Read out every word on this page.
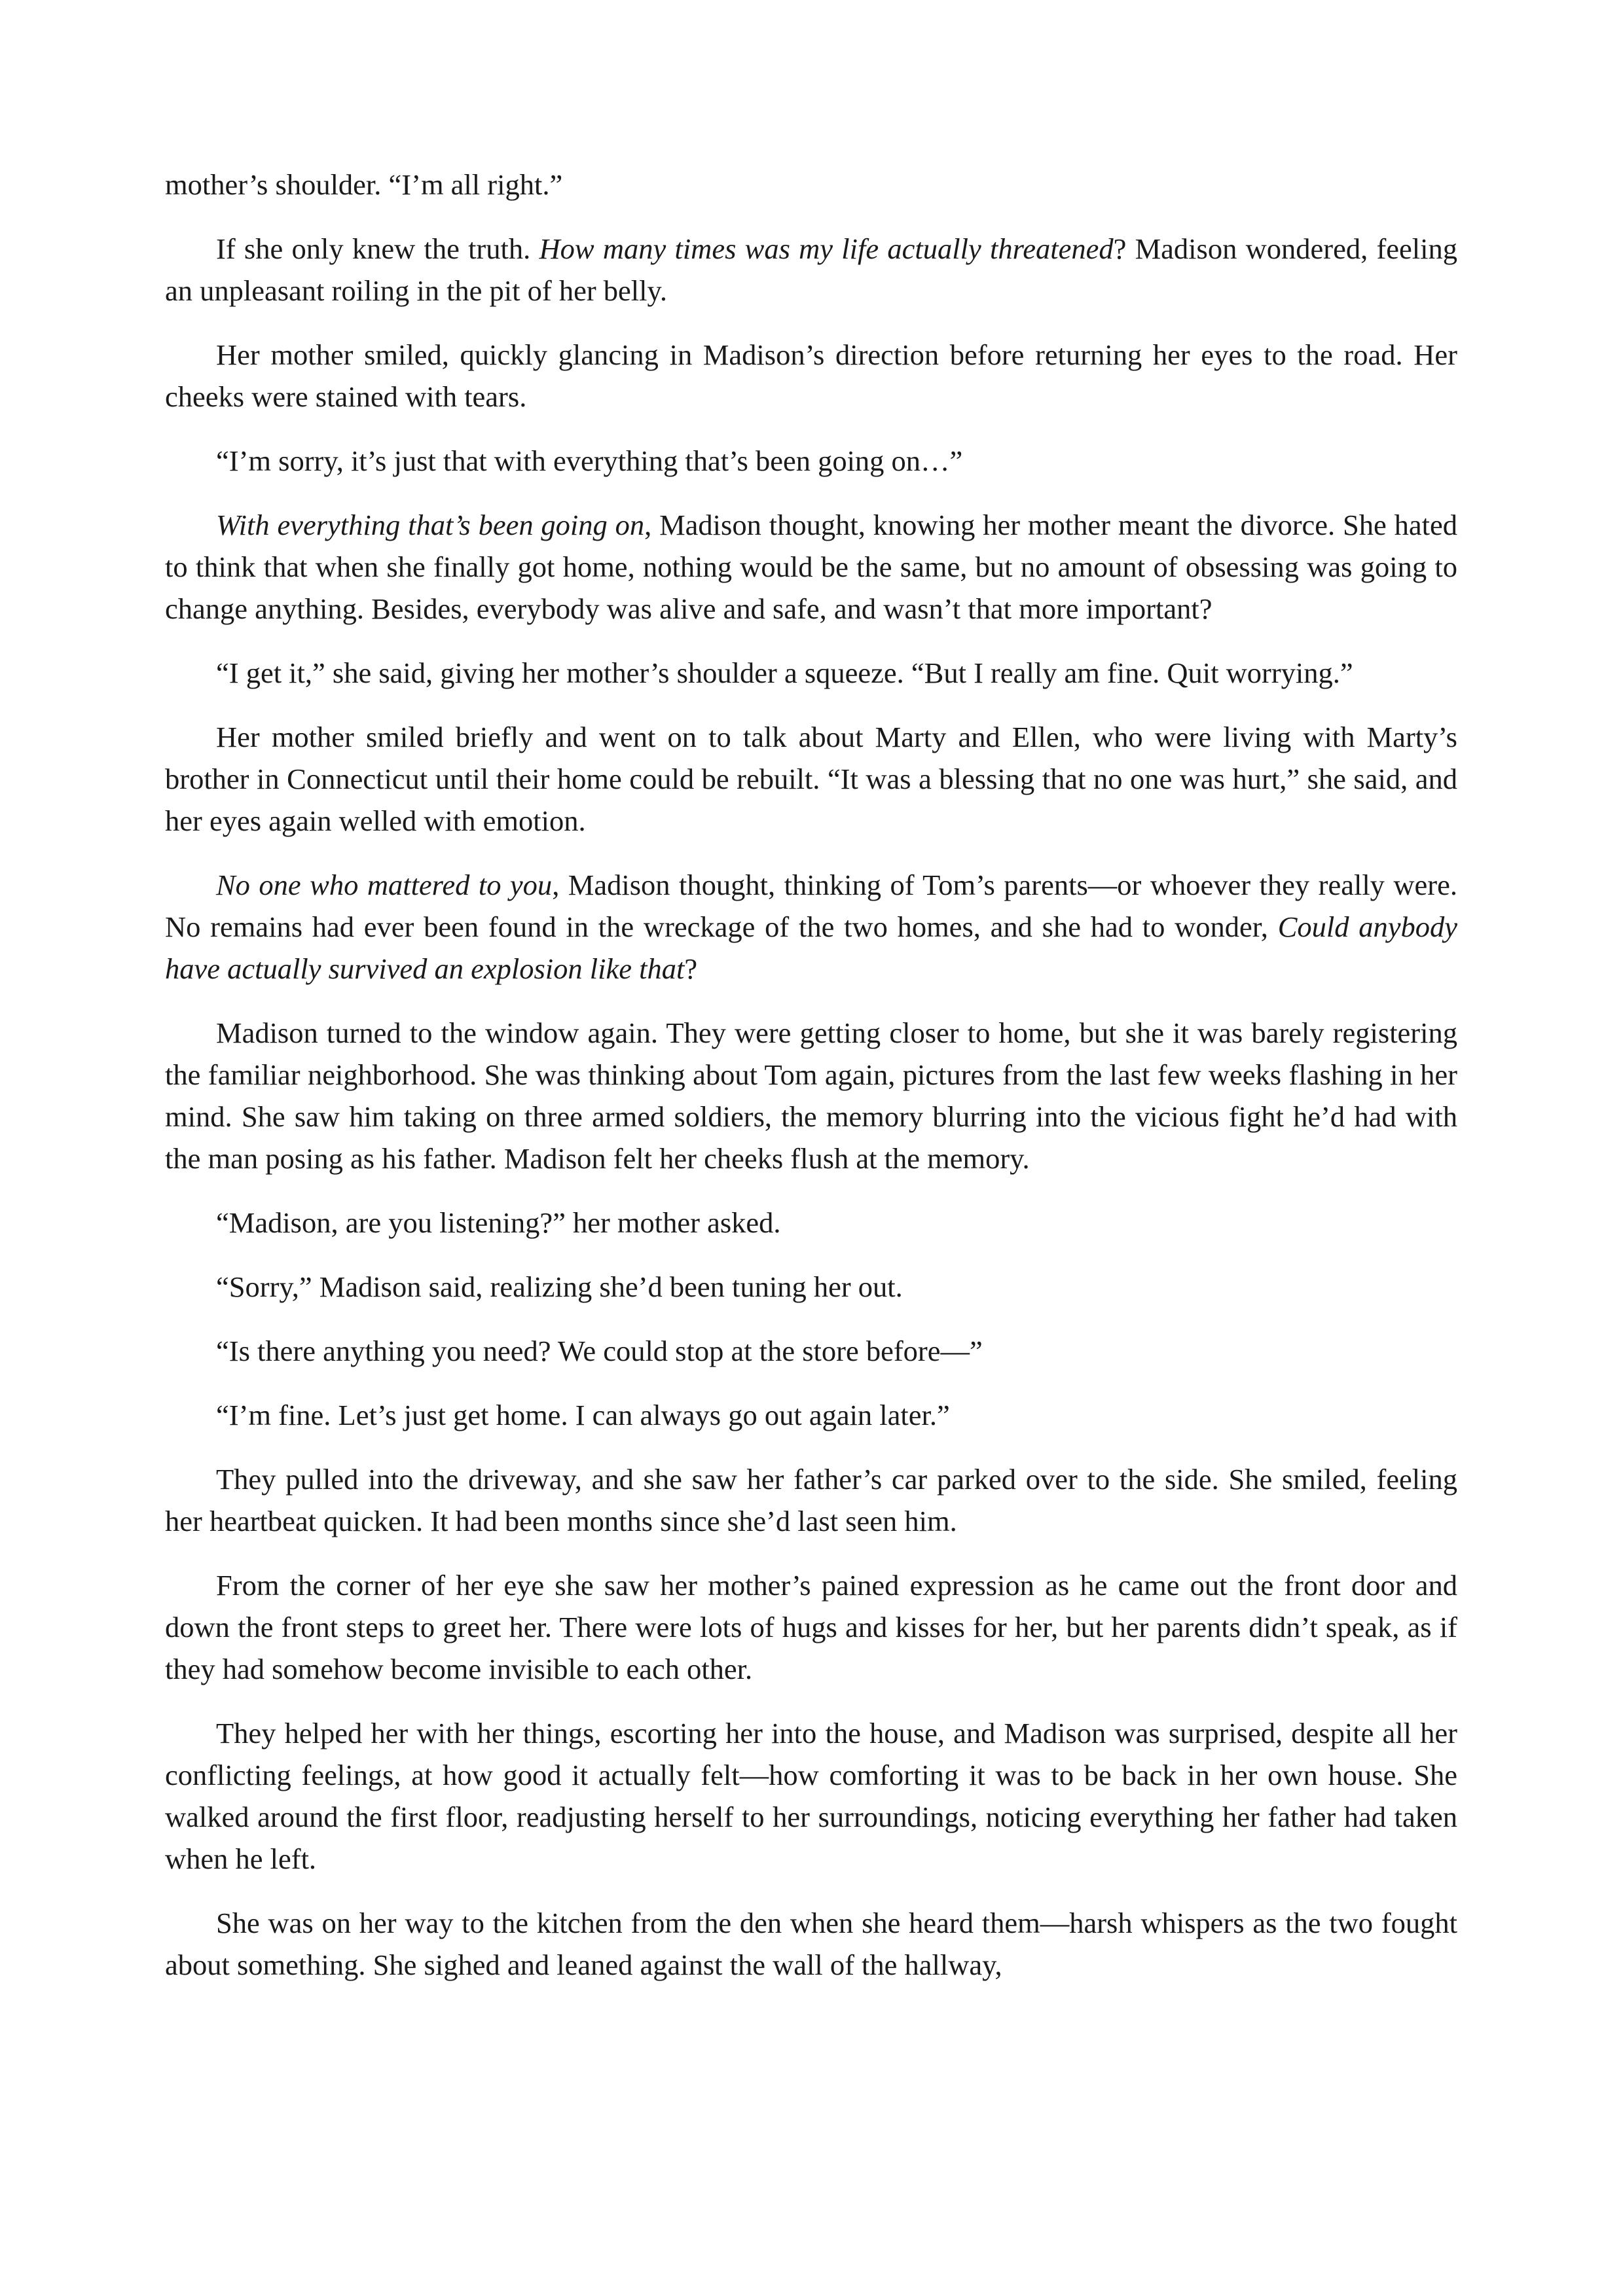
mother’s shoulder. “I’m all right.”

If she only knew the truth. How many times was my life actually threatened? Madison wondered, feeling an unpleasant roiling in the pit of her belly.

Her mother smiled, quickly glancing in Madison’s direction before returning her eyes to the road. Her cheeks were stained with tears.

“I’m sorry, it’s just that with everything that’s been going on…”

With everything that’s been going on, Madison thought, knowing her mother meant the divorce. She hated to think that when she finally got home, nothing would be the same, but no amount of obsessing was going to change anything. Besides, everybody was alive and safe, and wasn’t that more important?

“I get it,” she said, giving her mother’s shoulder a squeeze. “But I really am fine. Quit worrying.”

Her mother smiled briefly and went on to talk about Marty and Ellen, who were living with Marty’s brother in Connecticut until their home could be rebuilt. “It was a blessing that no one was hurt,” she said, and her eyes again welled with emotion.

No one who mattered to you, Madison thought, thinking of Tom’s parents—or whoever they really were. No remains had ever been found in the wreckage of the two homes, and she had to wonder, Could anybody have actually survived an explosion like that?

Madison turned to the window again. They were getting closer to home, but she it was barely registering the familiar neighborhood. She was thinking about Tom again, pictures from the last few weeks flashing in her mind. She saw him taking on three armed soldiers, the memory blurring into the vicious fight he’d had with the man posing as his father. Madison felt her cheeks flush at the memory.

“Madison, are you listening?” her mother asked.

“Sorry,” Madison said, realizing she’d been tuning her out.

“Is there anything you need? We could stop at the store before—”

“I’m fine. Let’s just get home. I can always go out again later.”

They pulled into the driveway, and she saw her father’s car parked over to the side. She smiled, feeling her heartbeat quicken. It had been months since she’d last seen him.

From the corner of her eye she saw her mother’s pained expression as he came out the front door and down the front steps to greet her. There were lots of hugs and kisses for her, but her parents didn’t speak, as if they had somehow become invisible to each other.

They helped her with her things, escorting her into the house, and Madison was surprised, despite all her conflicting feelings, at how good it actually felt—how comforting it was to be back in her own house. She walked around the first floor, readjusting herself to her surroundings, noticing everything her father had taken when he left.

She was on her way to the kitchen from the den when she heard them—harsh whispers as the two fought about something. She sighed and leaned against the wall of the hallway,
